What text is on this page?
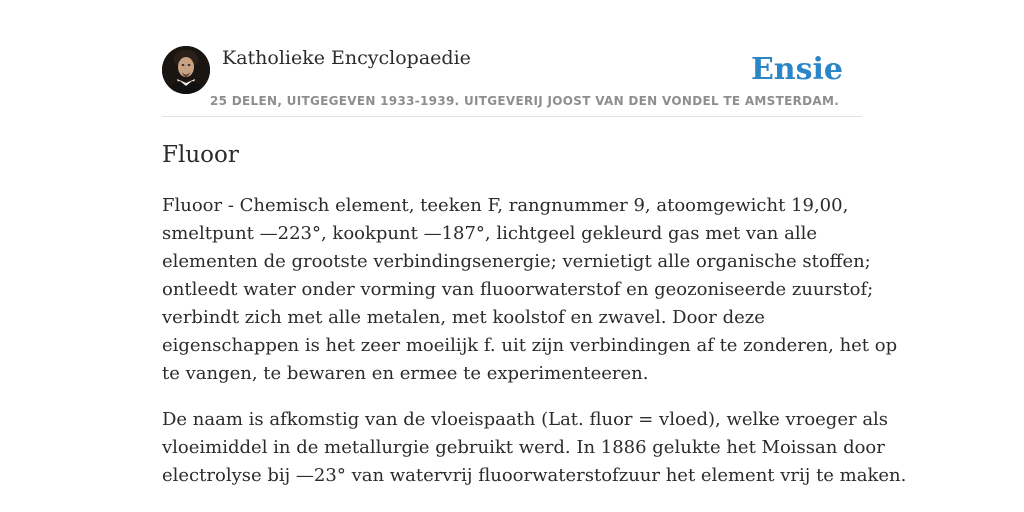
Katholieke Encyclopaedie	Ensie
25 DELEN, UITGEGEVEN 1933-1939. UITGEVERIJ JOOST VAN DEN VONDEL TE AMSTERDAM.
Fluoor

Fluoor - Chemisch element, teeken F, rangnummer 9, atoomgewicht 19,00,
smeltpunt —223°, kookpunt —187°, lichtgeel gekleurd gas met van alle
elementen de grootste verbindingsenergie; vernietigt alle organische stoffen;
ontleedt water onder vorming van fluoorwaterstof en geozoniseerde zuurstof;
verbindt zich met alle metalen, met koolstof en zwavel. Door deze
eigenschappen is het zeer moeilijk f. uit zijn verbindingen af te zonderen, het op
te vangen, te bewaren en ermee te experimenteeren.

De naam is afkomstig van de vloeispaath (Lat. fluor = vloed), welke vroeger als
vloeimiddel in de metallurgie gebruikt werd. In 1886 gelukte het Moissan door
electrolyse bij —23° van watervrij fluoorwaterstofzuur het element vrij te maken.
